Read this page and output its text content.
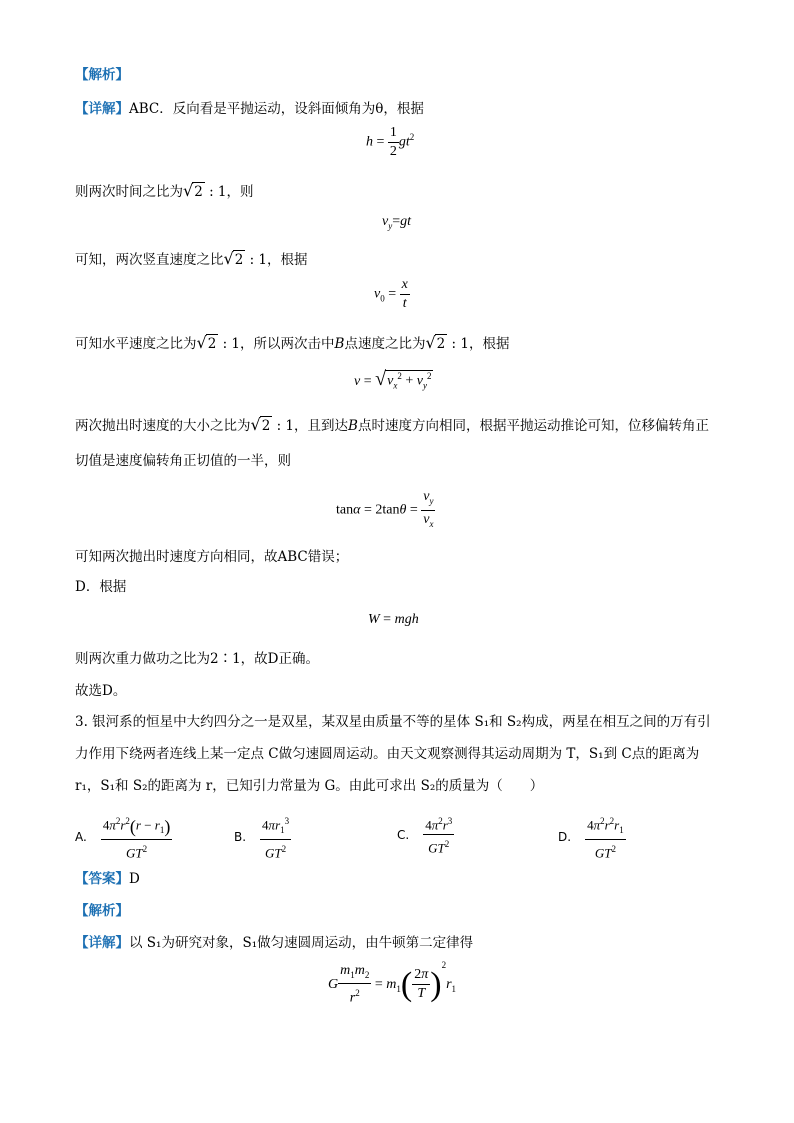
【解析】
【详解】ABC．反向看是平抛运动，设斜面倾角为θ，根据
$h = \frac{1}{2} gt^2$
则两次时间之比为√2 : 1，则
$v_y=gt$
可知，两次竖直速度之比√2 : 1，根据
$v_0 = \frac{x}{t}$
可知水平速度之比为√2 : 1，所以两次击中B点速度之比为√2 : 1，根据
$v = √v_x^2 + v_y^2$
两次抛出时速度的大小之比为√2 : 1，且到达B点时速度方向相同，根据平抛运动推论可知，位移偏转角正
切值是速度偏转角正切值的一半，则
$\tan\alpha = 2\tan\theta = \frac{v_y}{v_x}$
可知两次抛出时速度方向相同，故ABC错误；
D．根据
W = mgh
则两次重力做功之比为2∶1，故D正确。
故选D。
3. 银河系的恒星中大约四分之一是双星，某双星由质量不等的星体 S₁和 S₂构成，两星在相互之间的万有引
力作用下绕两者连线上某一定点 C做匀速圆周运动。由天文观察测得其运动周期为 T，S₁到 C点的距离为
r₁，S₁和 S₂的距离为 r，已知引力常量为 G。由此可求出 S₂的质量为（　　）
A. $\frac{4\pi^2r^2(r - r_1)}{GT^2}$	B. $\frac{4\pi r_1^3}{GT^2}$	C. $\frac{4\pi^2r^3}{GT^2}$	D. $\frac{4\pi^2r^2r_1}{GT^2}$
【答案】D
【解析】
【详解】以 S₁为研究对象，S₁做匀速圆周运动，由牛顿第二定律得
G $\frac{m_1m_2}{r^2} = m_1( \frac{2\pi}{T} )^2r_1$
